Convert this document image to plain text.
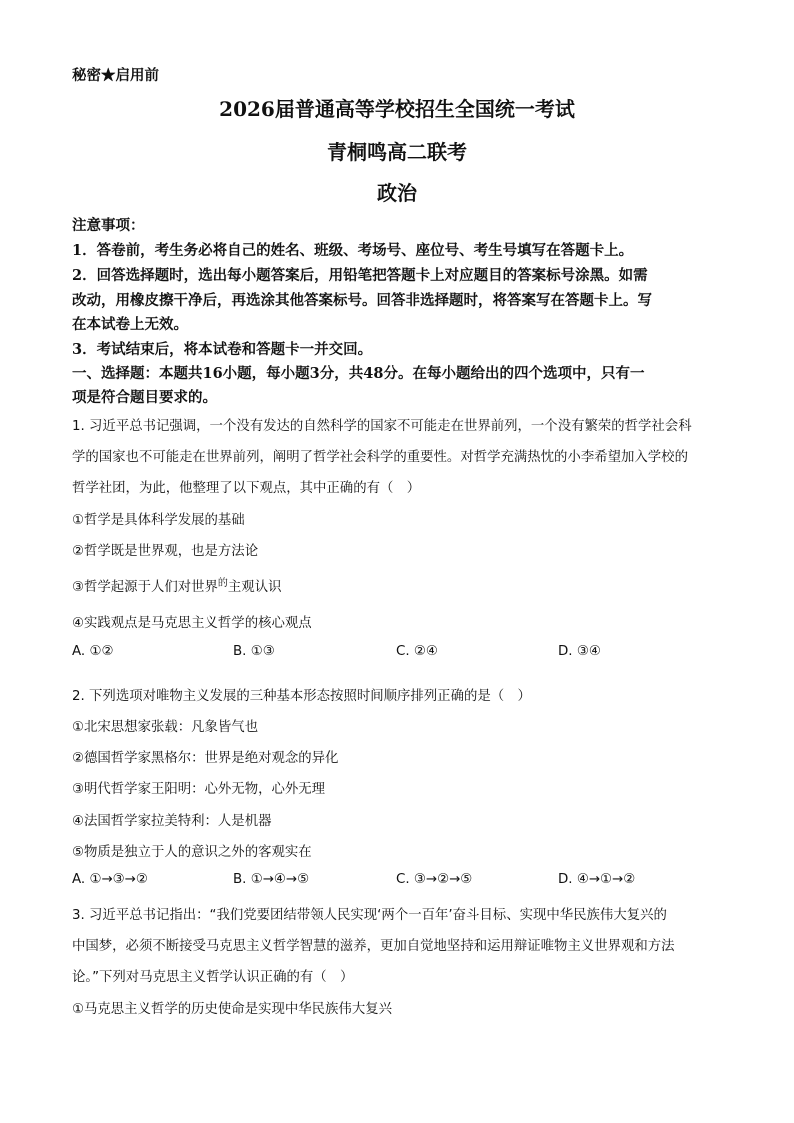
秘密★启用前
2026届普通高等学校招生全国统一考试
青桐鸣高二联考
政治
注意事项：
1．答卷前，考生务必将自己的姓名、班级、考场号、座位号、考生号填写在答题卡上。
2．回答选择题时，选出每小题答案后，用铅笔把答题卡上对应题目的答案标号涂黑。如需
改动，用橡皮擦干净后，再选涂其他答案标号。回答非选择题时，将答案写在答题卡上。写
在本试卷上无效。
3．考试结束后，将本试卷和答题卡一并交回。
一、选择题：本题共16小题，每小题3分，共48分。在每小题给出的四个选项中，只有一
项是符合题目要求的。
1. 习近平总书记强调，一个没有发达的自然科学的国家不可能走在世界前列，一个没有繁荣的哲学社会科
学的国家也不可能走在世界前列，阐明了哲学社会科学的重要性。对哲学充满热忱的小李希望加入学校的
哲学社团，为此，他整理了以下观点，其中正确的有（　）
①哲学是具体科学发展的基础
②哲学既是世界观，也是方法论
③哲学起源于人们对世界$^的$主观认识
④实践观点是马克思主义哲学的核心观点
A. ①②	B. ①③	C. ②④	D. ③④
2. 下列选项对唯物主义发展的三种基本形态按照时间顺序排列正确的是（　）
①北宋思想家张载：凡象皆气也
②德国哲学家黑格尔：世界是绝对观念的异化
③明代哲学家王阳明：心外无物，心外无理
④法国哲学家拉美特利：人是机器
⑤物质是独立于人的意识之外的客观实在
A. ①→③→②	B. ①→④→⑤	C. ③→②→⑤	D. ④→①→②
3. 习近平总书记指出：“我们党要团结带领人民实现‘两个一百年’奋斗目标、实现中华民族伟大复兴的
中国梦，必须不断接受马克思主义哲学智慧的滋养，更加自觉地坚持和运用辩证唯物主义世界观和方法
论。”下列对马克思主义哲学认识正确的有（　）
①马克思主义哲学的历史使命是实现中华民族伟大复兴
